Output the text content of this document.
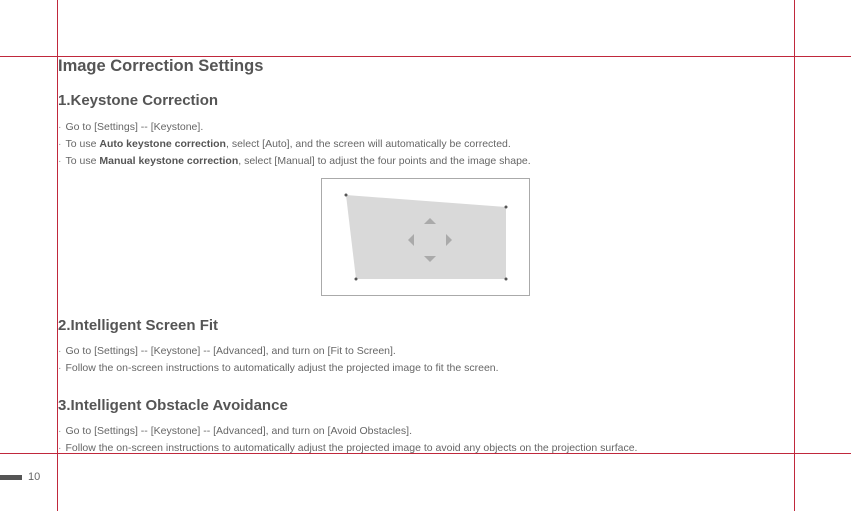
Image Correction Settings
1.Keystone Correction
· Go to [Settings] -- [Keystone].
· To use Auto keystone correction, select [Auto], and the screen will automatically be corrected.
· To use Manual keystone correction, select [Manual] to adjust the four points and the image shape.
2.Intelligent Screen Fit
· Go to [Settings] -- [Keystone] -- [Advanced], and turn on [Fit to Screen].
· Follow the on-screen instructions to automatically adjust the projected image to fit the screen.
3.Intelligent Obstacle Avoidance
· Go to [Settings] -- [Keystone] -- [Advanced], and turn on [Avoid Obstacles].
· Follow the on-screen instructions to automatically adjust the projected image to avoid any objects on the projection surface.
10
